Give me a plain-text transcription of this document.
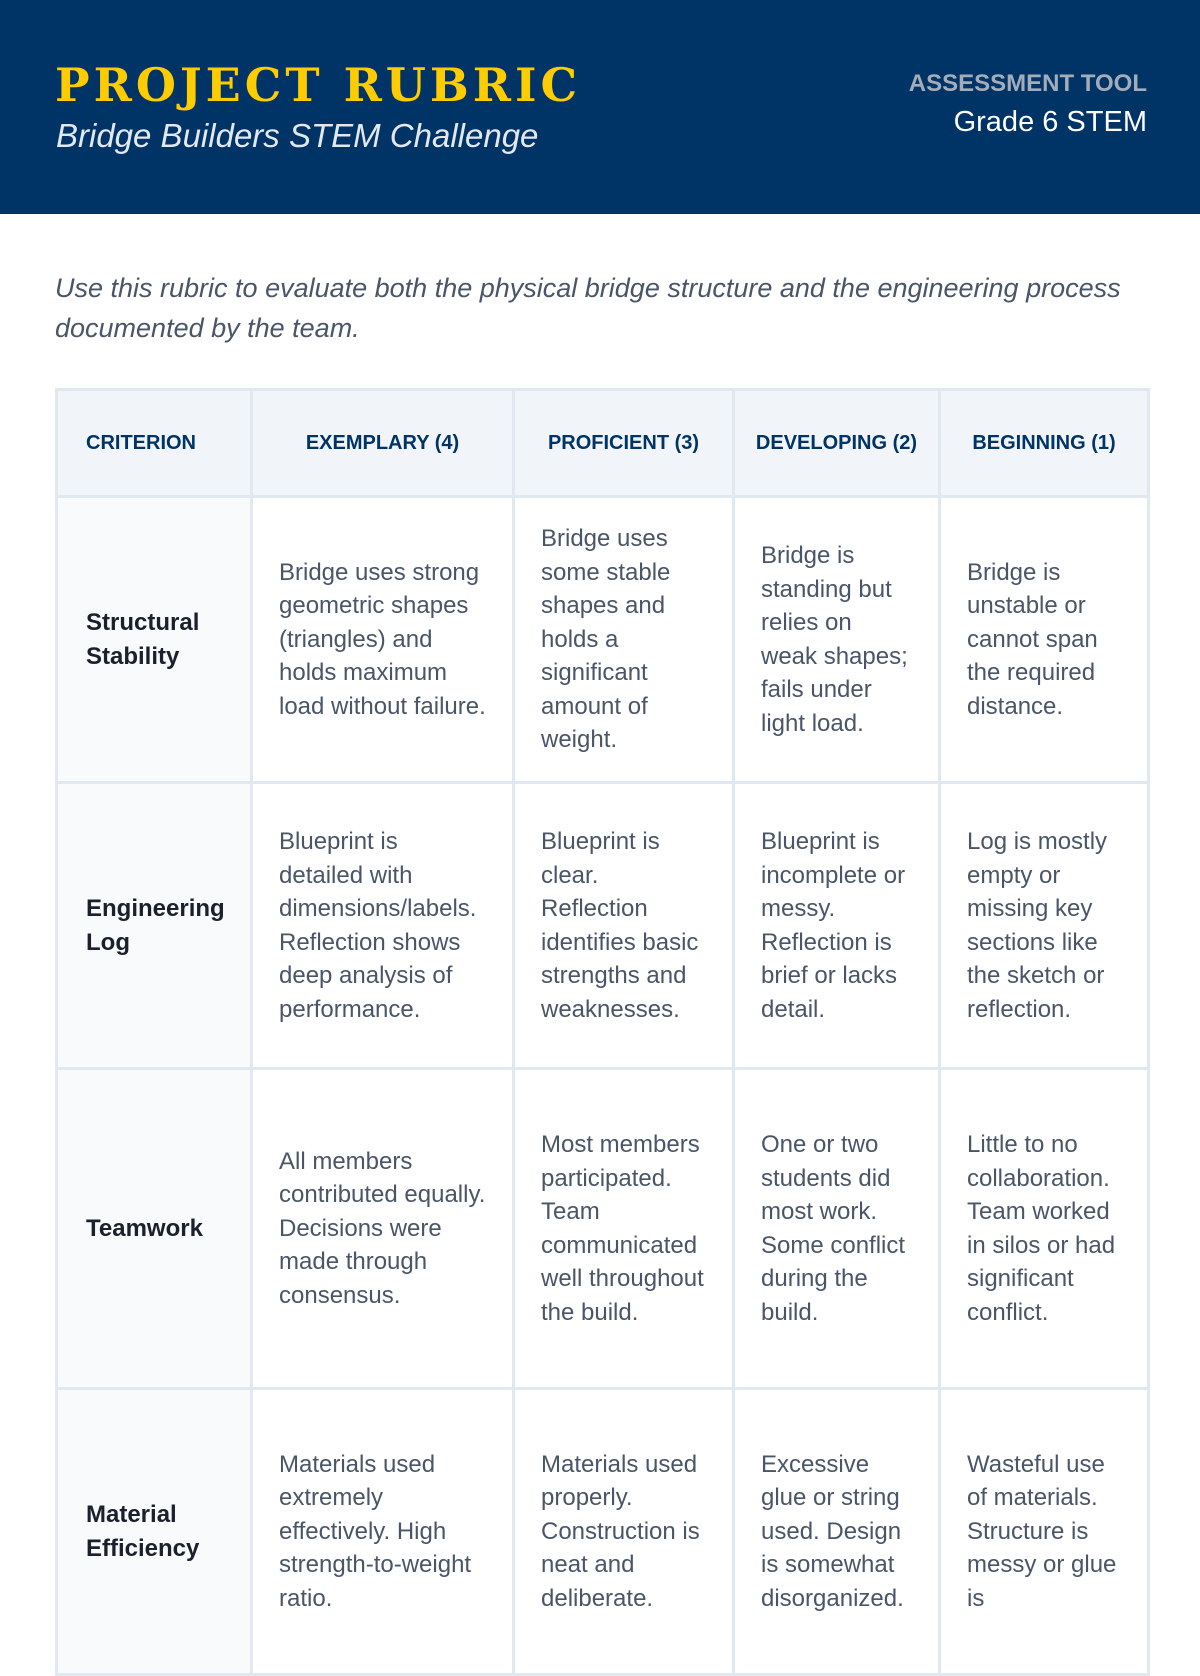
PROJECT RUBRIC
Bridge Builders STEM Challenge
ASSESSMENT TOOL
Grade 6 STEM

Use this rubric to evaluate both the physical bridge structure and the engineering process documented by the team.

CRITERION	EXEMPLARY (4)	PROFICIENT (3)	DEVELOPING (2)	BEGINNING (1)
Structural Stability	Bridge uses strong geometric shapes (triangles) and holds maximum load without failure.	Bridge uses some stable shapes and holds a significant amount of weight.	Bridge is standing but relies on weak shapes; fails under light load.	Bridge is unstable or cannot span the required distance.
Engineering Log	Blueprint is detailed with dimensions/labels. Reflection shows deep analysis of performance.	Blueprint is clear. Reflection identifies basic strengths and weaknesses.	Blueprint is incomplete or messy. Reflection is brief or lacks detail.	Log is mostly empty or missing key sections like the sketch or reflection.
Teamwork	All members contributed equally. Decisions were made through consensus.	Most members participated. Team communicated well throughout the build.	One or two students did most work. Some conflict during the build.	Little to no collaboration. Team worked in silos or had significant conflict.
Material Efficiency	Materials used extremely effectively. High strength-to-weight ratio.	Materials used properly. Construction is neat and deliberate.	Excessive glue or string used. Design is somewhat disorganized.	Wasteful use of materials. Structure is messy or glue is
